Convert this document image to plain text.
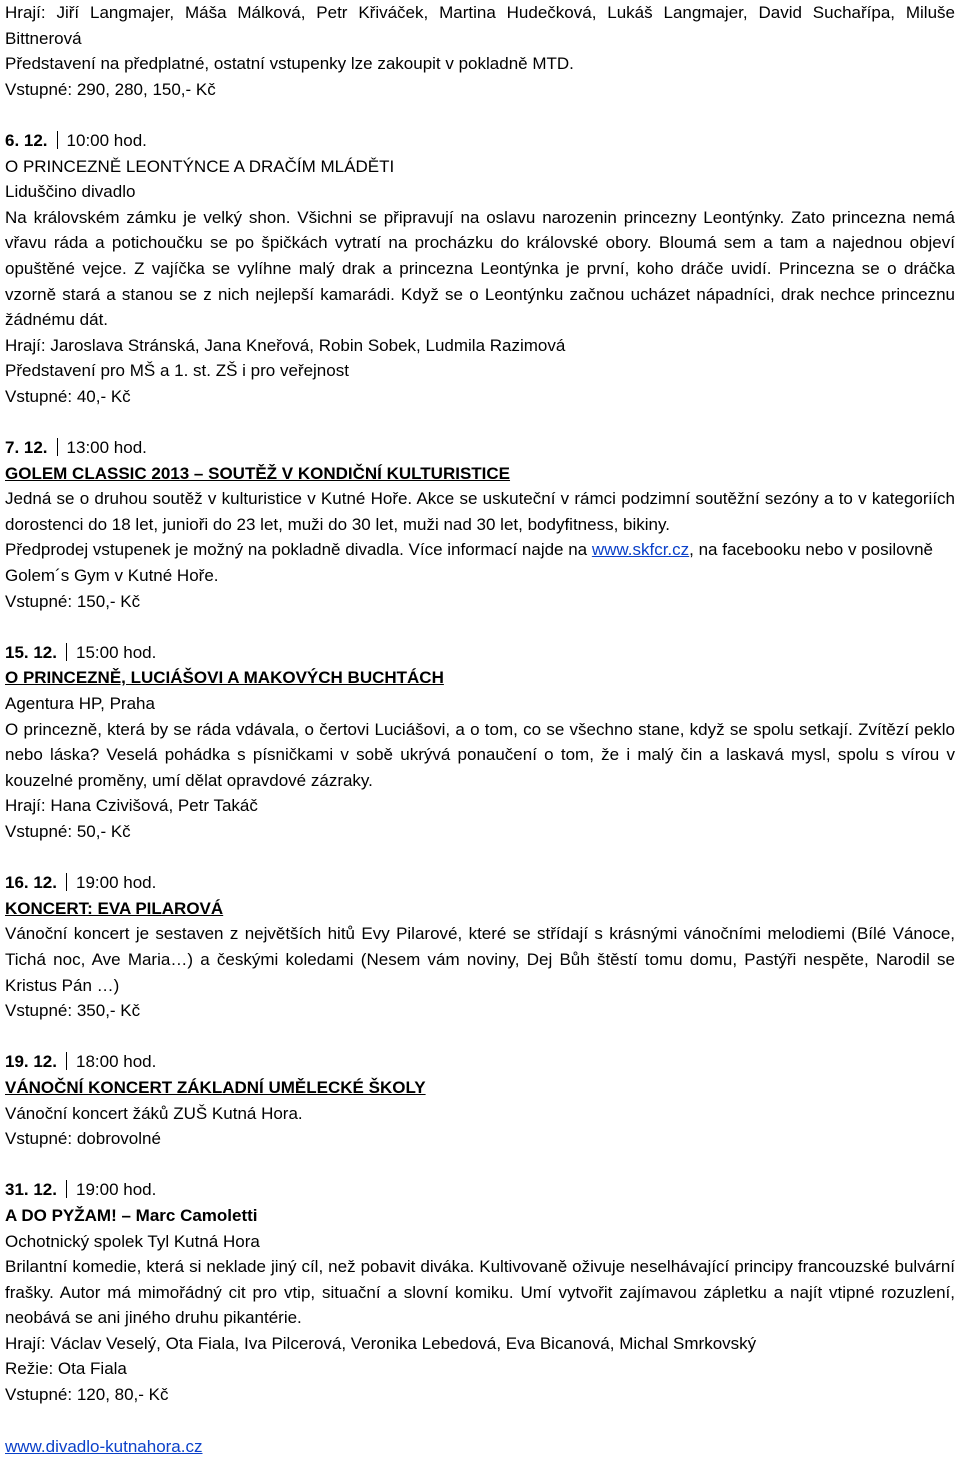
Hrají: Jiří Langmajer, Máša Málková, Petr Křiváček, Martina Hudečková, Lukáš Langmajer, David Suchařípa, Miluše Bittnerová

Představení na předplatné, ostatní vstupenky lze zakoupit v pokladně MTD.

Vstupné: 290, 280, 150,- Kč

6. 12. 10:00 hod.

O PRINCEZNĚ LEONTÝNCE A DRAČÍM MLÁDĚTI

Liduščino divadlo

Na královském zámku je velký shon. Všichni se připravují na oslavu narozenin princezny Leontýnky. Zato princezna nemá vřavu ráda a potichoučku se po špičkách vytratí na procházku do královské obory. Bloumá sem a tam a najednou objeví opuštěné vejce. Z vajíčka se vylíhne malý drak a princezna Leontýnka je první, koho dráče uvidí. Princezna se o dráčka vzorně stará a stanou se z nich nejlepší kamarádi. Když se o Leontýnku začnou ucházet nápadníci, drak nechce princeznu žádnému dát.

Hrají: Jaroslava Stránská, Jana Kneřová, Robin Sobek, Ludmila Razimová

Představení pro MŠ a 1. st. ZŠ i pro veřejnost

Vstupné: 40,- Kč

7. 12. 13:00 hod.

GOLEM CLASSIC 2013 – SOUTĚŽ V KONDIČNÍ KULTURISTICE

Jedná se o druhou soutěž v kulturistice v Kutné Hoře. Akce se uskuteční v rámci podzimní soutěžní sezóny a to v kategoriích dorostenci do 18 let, junioři do 23 let, muži do 30 let, muži nad 30 let, bodyfitness, bikiny.

Předprodej vstupenek je možný na pokladně divadla. Více informací najde na www.skfcr.cz, na facebooku nebo v posilovně Golem´s Gym v Kutné Hoře.

Vstupné: 150,- Kč

15. 12. 15:00 hod.

O PRINCEZNĚ, LUCIÁŠOVI A MAKOVÝCH BUCHTÁCH

Agentura HP, Praha

O princezně, která by se ráda vdávala, o čertovi Luciášovi, a o tom, co se všechno stane, když se spolu setkají. Zvítězí peklo nebo láska? Veselá pohádka s písničkami v sobě ukrývá ponaučení o tom, že i malý čin a laskavá mysl, spolu s vírou v kouzelné proměny, umí dělat opravdové zázraky.

Hrají: Hana Czivišová, Petr Takáč

Vstupné: 50,- Kč

16. 12. 19:00 hod.

KONCERT: EVA PILAROVÁ

Vánoční koncert je sestaven z největších hitů Evy Pilarové, které se střídají s krásnými vánočními melodiemi (Bílé Vánoce, Tichá noc, Ave Maria…) a českými koledami (Nesem vám noviny, Dej Bůh štěstí tomu domu, Pastýři nespěte, Narodil se Kristus Pán …)

Vstupné: 350,- Kč

19. 12. 18:00 hod.

VÁNOČNÍ KONCERT ZÁKLADNÍ UMĚLECKÉ ŠKOLY

Vánoční koncert žáků ZUŠ Kutná Hora.

Vstupné: dobrovolné

31. 12. 19:00 hod.

A DO PYŽAM! – Marc Camoletti

Ochotnický spolek Tyl Kutná Hora

Brilantní komedie, která si neklade jiný cíl, než pobavit diváka. Kultivovaně oživuje neselhávající principy francouzské bulvární frašky. Autor má mimořádný cit pro vtip, situační a slovní komiku. Umí vytvořit zajímavou zápletku a najít vtipné rozuzlení, neobává se ani jiného druhu pikantérie.

Hrají: Václav Veselý, Ota Fiala, Iva Pilcerová, Veronika Lebedová, Eva Bicanová, Michal Smrkovský

Režie: Ota Fiala

Vstupné: 120, 80,- Kč

www.divadlo-kutnahora.cz
